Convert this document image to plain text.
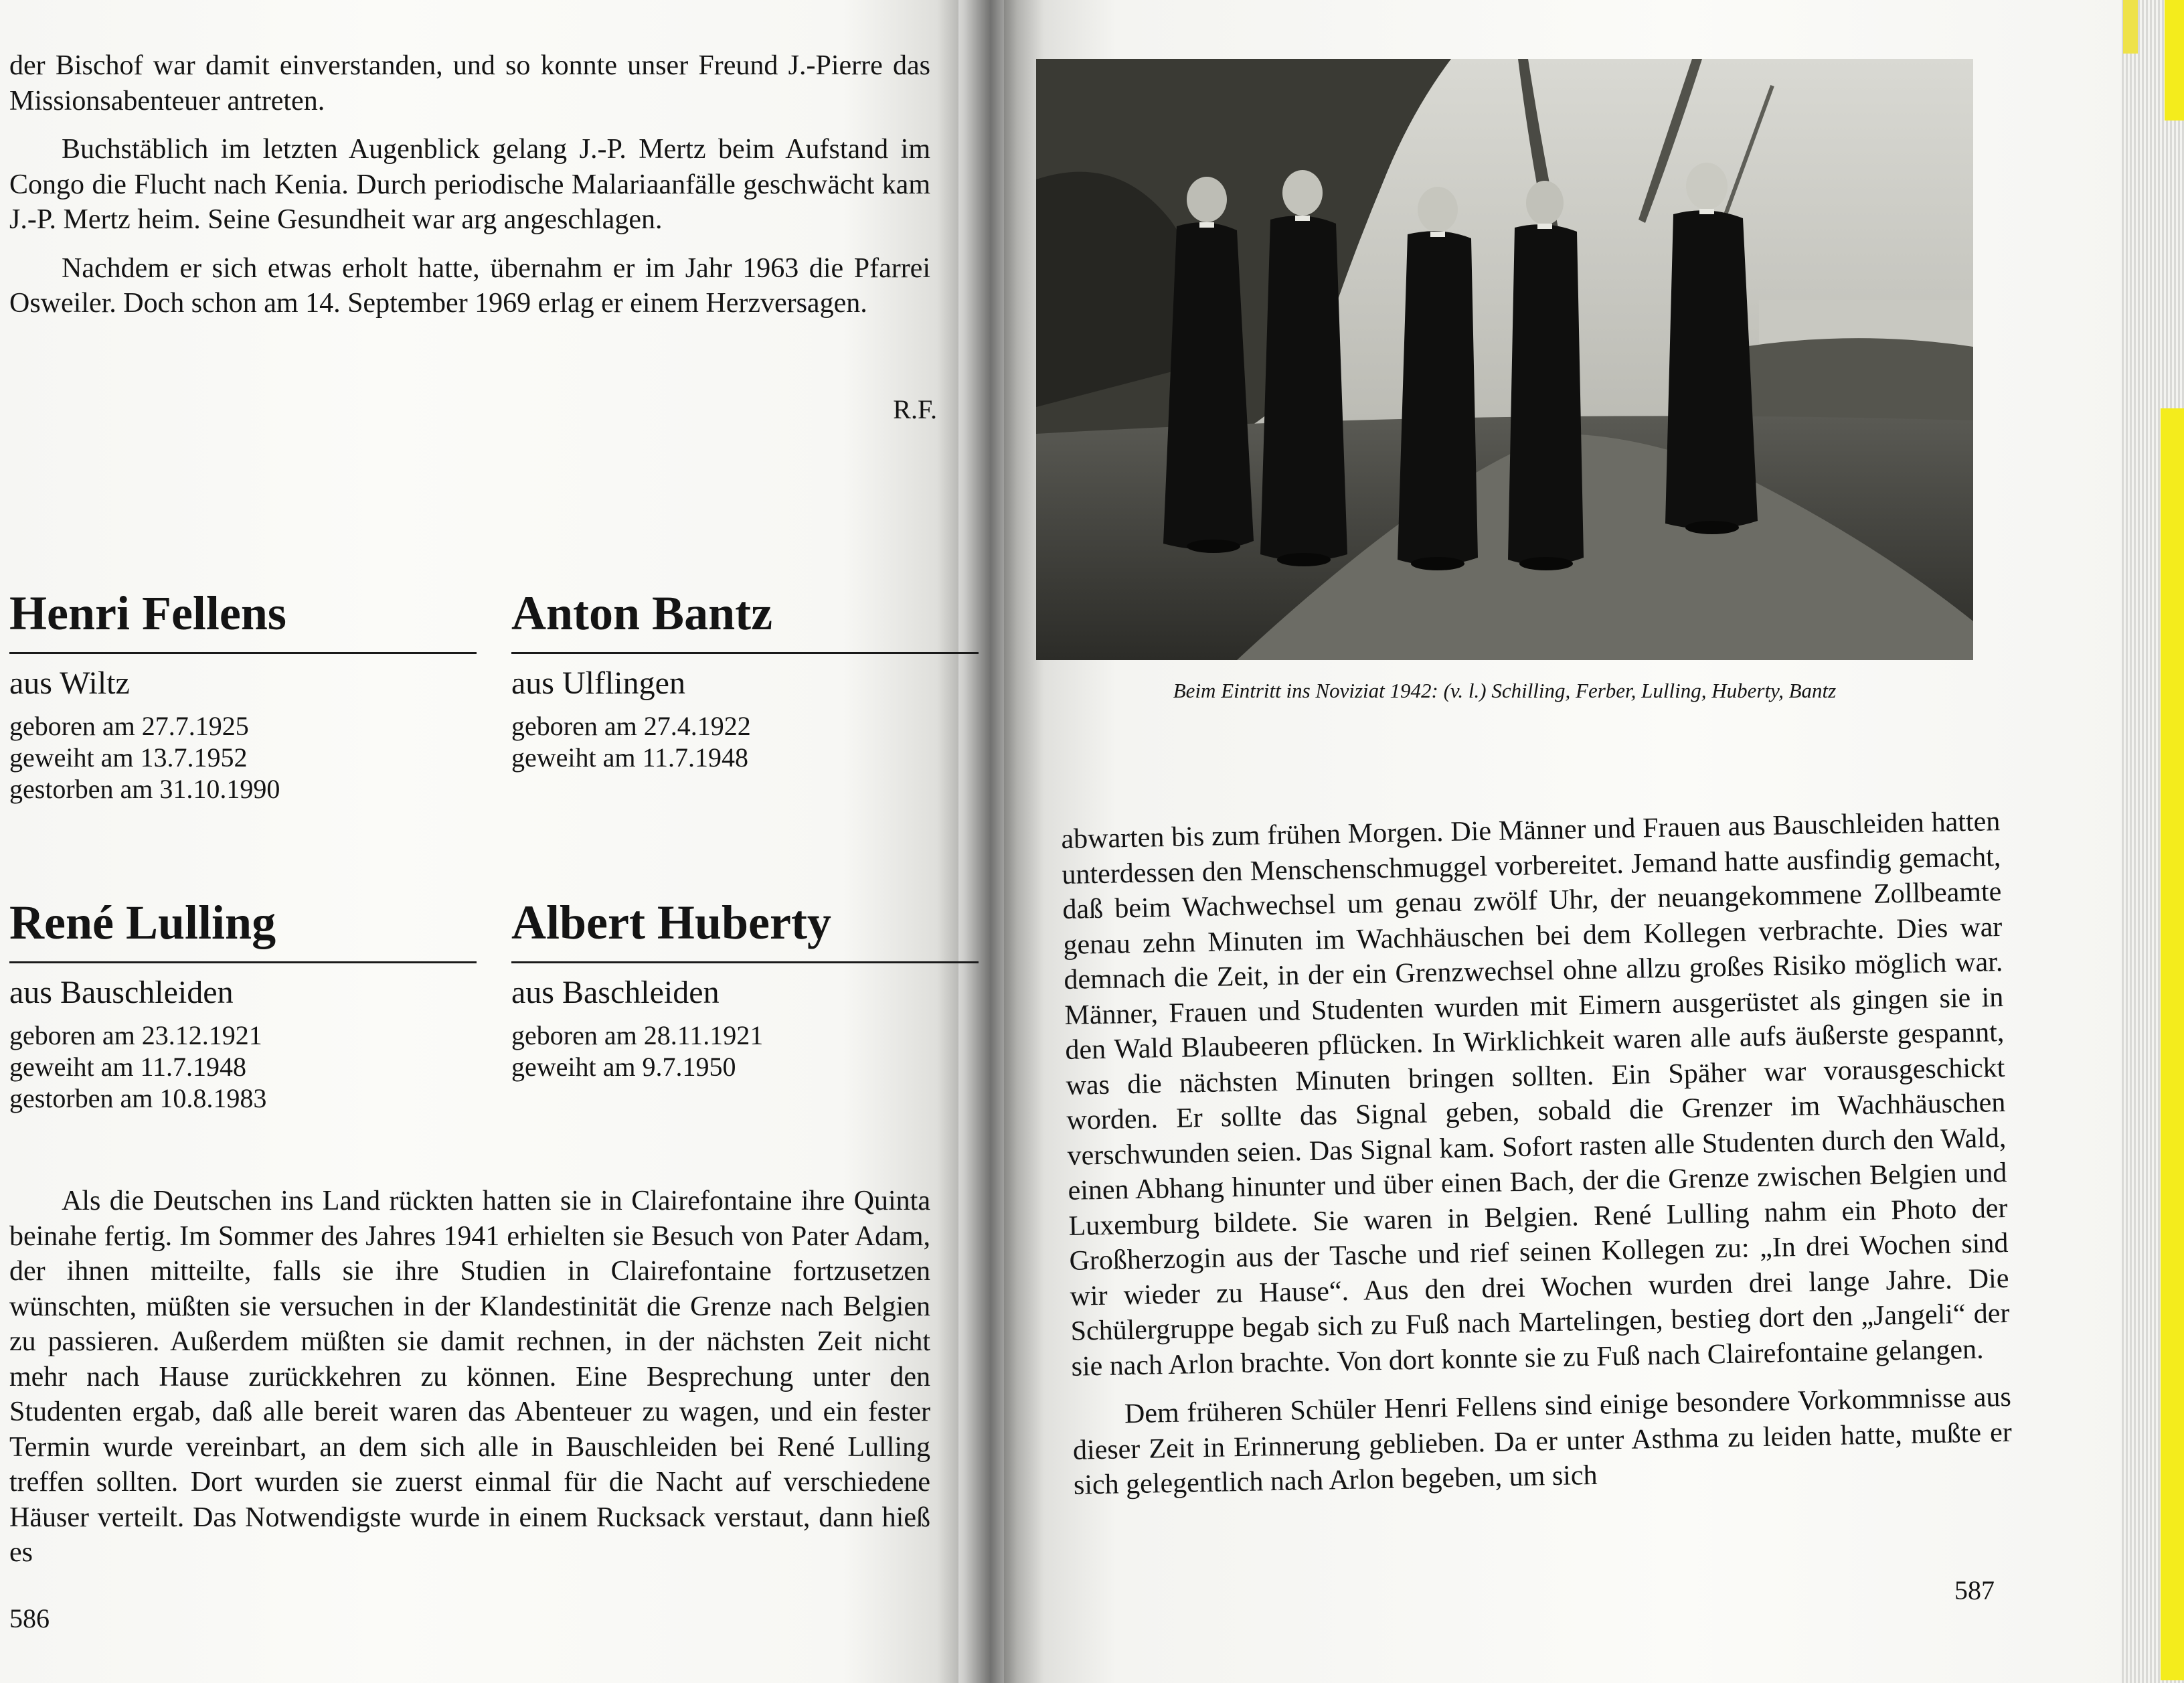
der Bischof war damit einverstanden, und so konnte unser Freund J.-Pierre das Missionsabenteuer antreten.

Buchstäblich im letzten Augenblick gelang J.-P. Mertz beim Aufstand im Congo die Flucht nach Kenia. Durch periodische Malariaanfälle geschwächt kam J.-P. Mertz heim. Seine Gesundheit war arg angeschlagen.

Nachdem er sich etwas erholt hatte, übernahm er im Jahr 1963 die Pfarrei Osweiler. Doch schon am 14. September 1969 erlag er einem Herzversagen.

R.F.
Henri Fellens

aus Wiltz

geboren am 27.7.1925

geweiht am 13.7.1952

gestorben am 31.10.1990

Anton Bantz

aus Ulflingen

geboren am 27.4.1922

geweiht am 11.7.1948

René Lulling

aus Bauschleiden

geboren am 23.12.1921

geweiht am 11.7.1948

gestorben am 10.8.1983

Albert Huberty

aus Baschleiden

geboren am 28.11.1921

geweiht am 9.7.1950

Als die Deutschen ins Land rückten hatten sie in Clairefontaine ihre Quinta beinahe fertig. Im Sommer des Jahres 1941 erhielten sie Besuch von Pater Adam, der ihnen mitteilte, falls sie ihre Studien in Clairefontaine fortzusetzen wünschten, müßten sie versuchen in der Klandestinität die Grenze nach Belgien zu passieren. Außerdem müßten sie damit rechnen, in der nächsten Zeit nicht mehr nach Hause zurückkehren zu können. Eine Besprechung unter den Studenten ergab, daß alle bereit waren das Abenteuer zu wagen, und ein fester Termin wurde vereinbart, an dem sich alle in Bauschleiden bei René Lulling treffen sollten. Dort wurden sie zuerst einmal für die Nacht auf verschiedene Häuser verteilt. Das Notwendigste wurde in einem Rucksack verstaut, dann hieß es

586
Beim Eintritt ins Noviziat 1942: (v. l.) Schilling, Ferber, Lulling, Huberty, Bantz

abwarten bis zum frühen Morgen. Die Männer und Frauen aus Bauschleiden hatten unterdessen den Menschenschmuggel vorbereitet. Jemand hatte ausfindig gemacht, daß beim Wachwechsel um genau zwölf Uhr, der neuangekommene Zollbeamte genau zehn Minuten im Wachhäuschen bei dem Kollegen verbrachte. Dies war demnach die Zeit, in der ein Grenzwechsel ohne allzu großes Risiko möglich war. Männer, Frauen und Studenten wurden mit Eimern ausgerüstet als gingen sie in den Wald Blaubeeren pflücken. In Wirklichkeit waren alle aufs äußerste gespannt, was die nächsten Minuten bringen sollten. Ein Späher war vorausgeschickt worden. Er sollte das Signal geben, sobald die Grenzer im Wachhäuschen verschwunden seien. Das Signal kam. Sofort rasten alle Studenten durch den Wald, einen Abhang hinunter und über einen Bach, der die Grenze zwischen Belgien und Luxemburg bildete. Sie waren in Belgien. René Lulling nahm ein Photo der Großherzogin aus der Tasche und rief seinen Kollegen zu: „In drei Wochen sind wir wieder zu Hause“. Aus den drei Wochen wurden drei lange Jahre. Die Schülergruppe begab sich zu Fuß nach Martelingen, bestieg dort den „Jangeli“ der sie nach Arlon brachte. Von dort konnte sie zu Fuß nach Clairefontaine gelangen.

Dem früheren Schüler Henri Fellens sind einige besondere Vorkommnisse aus dieser Zeit in Erinnerung geblieben. Da er unter Asthma zu leiden hatte, mußte er sich gelegentlich nach Arlon begeben, um sich

587
